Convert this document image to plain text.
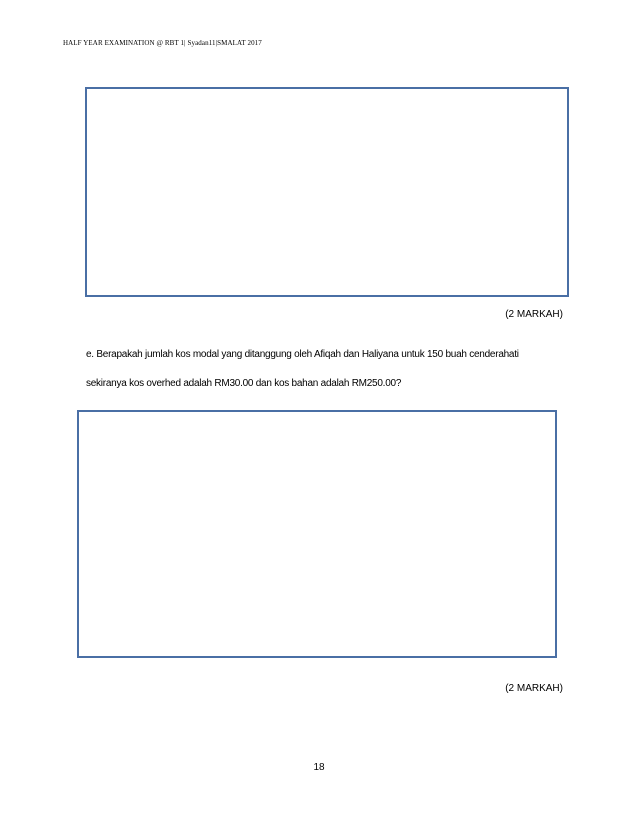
HALF YEAR EXAMINATION @ RBT 1| Syadan11|SMALAT 2017
(2 MARKAH)
e. Berapakah jumlah kos modal yang ditanggung oleh Afiqah dan Haliyana untuk 150 buah cenderahati
sekiranya kos overhed adalah RM30.00 dan kos bahan adalah RM250.00?
(2 MARKAH)
18
